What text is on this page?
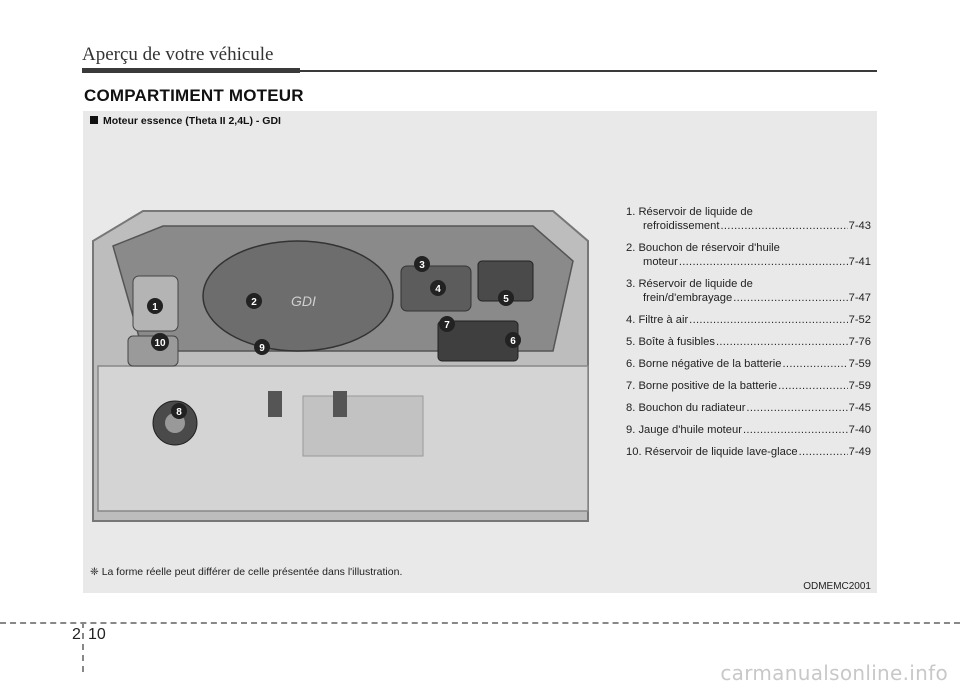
Aperçu de votre véhicule
COMPARTIMENT MOTEUR
Moteur essence (Theta II 2,4L) - GDI
GDI
1	2
3
4
5
6
7
8
9
10
1. Réservoir de liquide de
refroidissement .....	7-43
2. Bouchon de réservoir d'huile
moteur .....	7-41
3. Réservoir de liquide de
frein/d'embrayage .....	7-47
4. Filtre à air .....	7-52
5. Boîte à fusibles .....	7-76
6. Borne négative de la batterie .....	7-59
7. Borne positive de la batterie .....	7-59
8. Bouchon du radiateur .....	7-45
9. Jauge d'huile moteur .....	7-40
10. Réservoir de liquide lave-glace .....	7-49
❈ La forme réelle peut différer de celle présentée dans l'illustration.
ODMEMC2001
2 10
carmanualsonline.info
